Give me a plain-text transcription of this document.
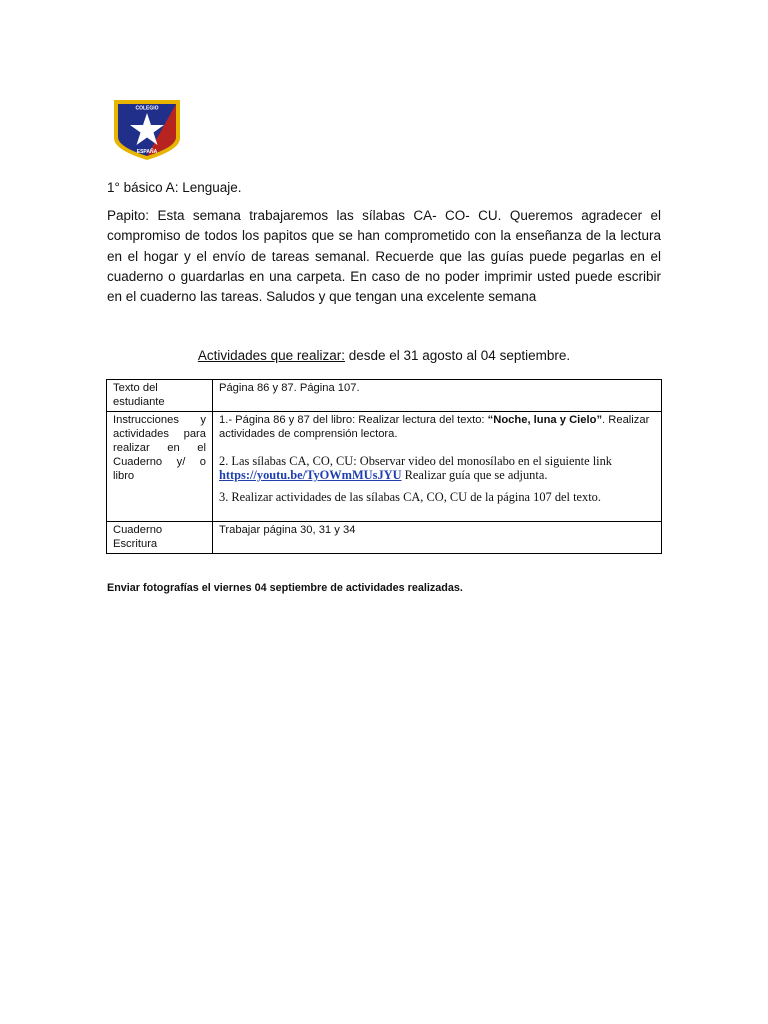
COLEGIO
ESPAÑA
1° básico A: Lenguaje.

Papito: Esta semana trabajaremos las sílabas CA- CO- CU. Queremos agradecer el compromiso de todos los papitos que se han comprometido con la enseñanza de la lectura en el hogar y el envío de tareas semanal. Recuerde que las guías puede pegarlas en el cuaderno o guardarlas en una carpeta. En caso de no poder imprimir usted puede escribir en el cuaderno las tareas. Saludos y que tengan una excelente semana

Actividades que realizar: desde el 31 agosto al 04 septiembre.
Texto del estudiante	Página 86 y 87. Página 107.
Instrucciones y actividades para realizar en el Cuaderno y/ o libro	1.- Página 86 y 87 del libro: Realizar lectura del texto: “Noche, luna y Cielo”. Realizar actividades de comprensión lectora.
2. Las sílabas CA, CO, CU: Observar video del monosílabo en el siguiente link https://youtu.be/TyOWmMUsJYU Realizar guía que se adjunta.
3. Realizar actividades de las sílabas CA, CO, CU de la página 107 del texto.

Cuaderno Escritura	Trabajar página 30, 31 y 34
Enviar fotografías el viernes 04 septiembre de actividades realizadas.
